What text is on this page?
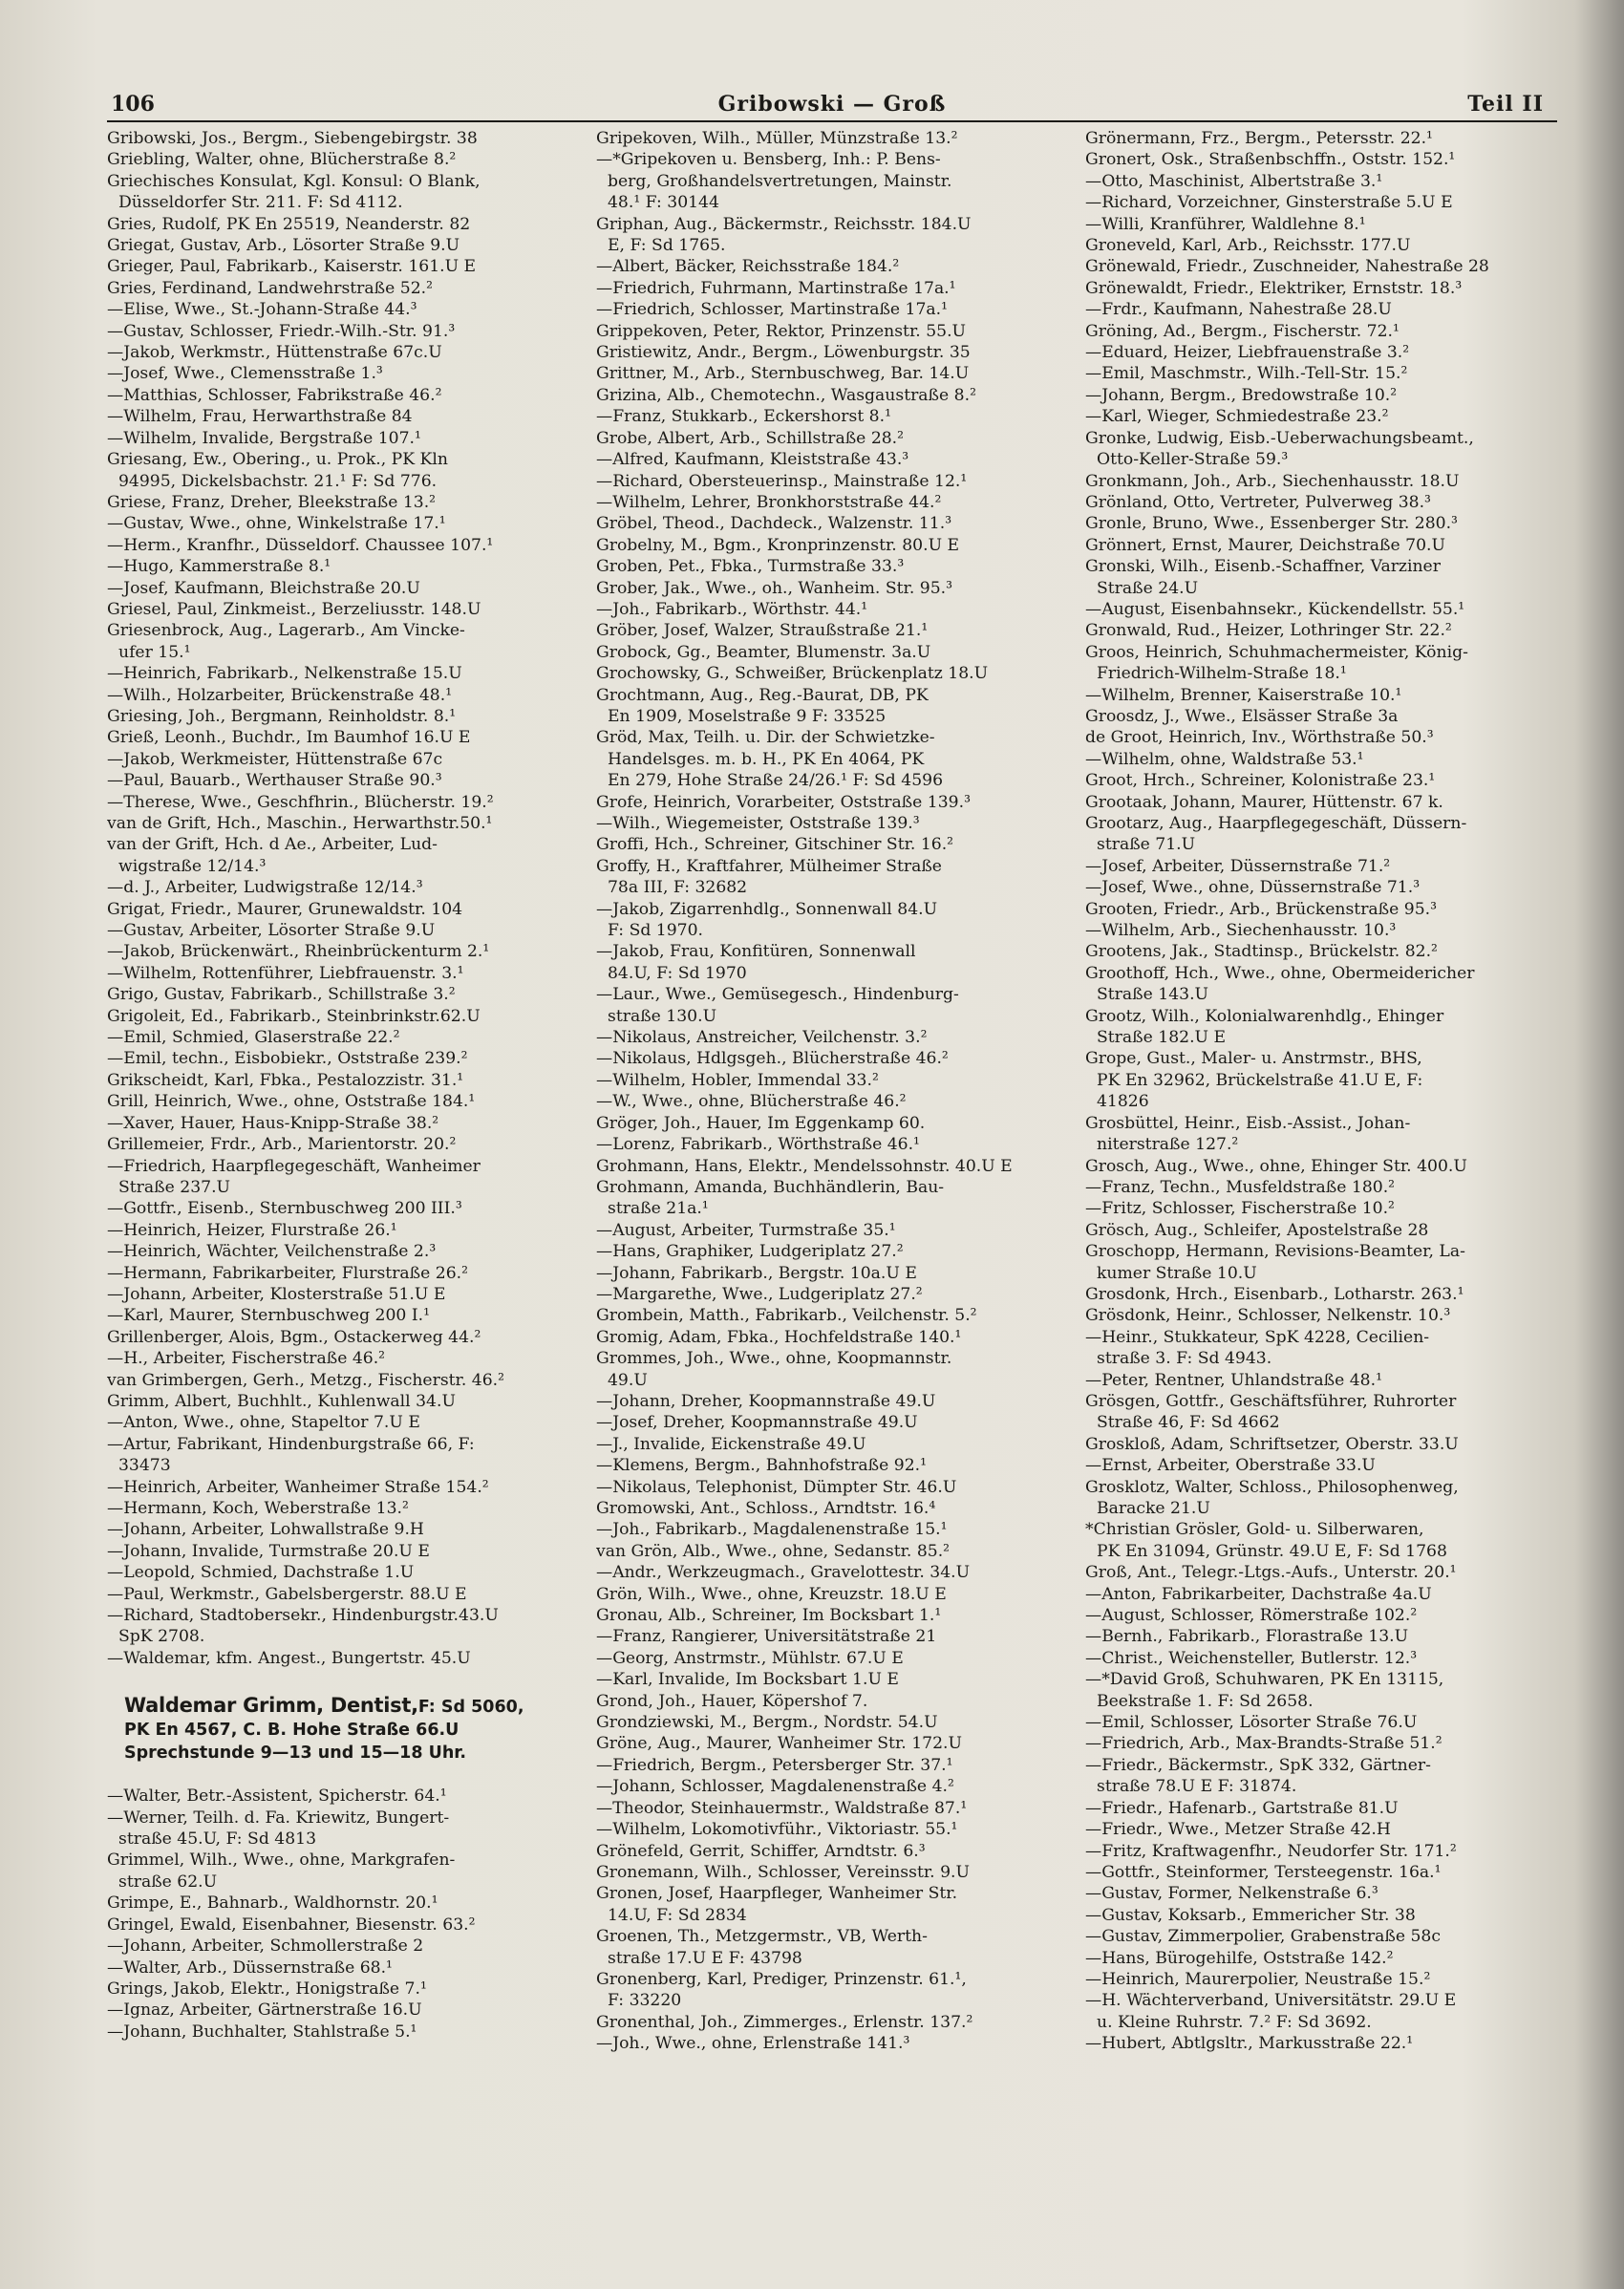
106	Gribowski — Groß	Teil II
Gribowski, Jos., Bergm., Siebengebirgstr. 38
Griebling, Walter, ohne, Blücherstraße 8.²
Griechisches Konsulat, Kgl. Konsul: O Blank,
Düsseldorfer Str. 211. F: Sd 4112.
Gries, Rudolf, PK En 25519, Neanderstr. 82
Griegat, Gustav, Arb., Lösorter Straße 9.U
Grieger, Paul, Fabrikarb., Kaiserstr. 161.U E
Gries, Ferdinand, Landwehrstraße 52.²
—Elise, Wwe., St.-Johann-Straße 44.³
—Gustav, Schlosser, Friedr.-Wilh.-Str. 91.³
—Jakob, Werkmstr., Hüttenstraße 67c.U
—Josef, Wwe., Clemensstraße 1.³
—Matthias, Schlosser, Fabrikstraße 46.²
—Wilhelm, Frau, Herwarthstraße 84
—Wilhelm, Invalide, Bergstraße 107.¹
Griesang, Ew., Obering., u. Prok., PK Kln
94995, Dickelsbachstr. 21.¹ F: Sd 776.
Griese, Franz, Dreher, Bleekstraße 13.²
—Gustav, Wwe., ohne, Winkelstraße 17.¹
—Herm., Kranfhr., Düsseldorf. Chaussee 107.¹
—Hugo, Kammerstraße 8.¹
—Josef, Kaufmann, Bleichstraße 20.U
Griesel, Paul, Zinkmeist., Berzeliusstr. 148.U
Griesenbrock, Aug., Lagerarb., Am Vincke-
ufer 15.¹
—Heinrich, Fabrikarb., Nelkenstraße 15.U
—Wilh., Holzarbeiter, Brückenstraße 48.¹
Griesing, Joh., Bergmann, Reinholdstr. 8.¹
Grieß, Leonh., Buchdr., Im Baumhof 16.U E
—Jakob, Werkmeister, Hüttenstraße 67c
—Paul, Bauarb., Werthauser Straße 90.³
—Therese, Wwe., Geschfhrin., Blücherstr. 19.²
van de Grift, Hch., Maschin., Herwarthstr.50.¹
van der Grift, Hch. d Ae., Arbeiter, Lud-
wigstraße 12/14.³
—d. J., Arbeiter, Ludwigstraße 12/14.³
Grigat, Friedr., Maurer, Grunewaldstr. 104
—Gustav, Arbeiter, Lösorter Straße 9.U
—Jakob, Brückenwärt., Rheinbrückenturm 2.¹
—Wilhelm, Rottenführer, Liebfrauenstr. 3.¹
Grigo, Gustav, Fabrikarb., Schillstraße 3.²
Grigoleit, Ed., Fabrikarb., Steinbrinkstr.62.U
—Emil, Schmied, Glaserstraße 22.²
—Emil, techn., Eisbobiekr., Oststraße 239.²
Grikscheidt, Karl, Fbka., Pestalozzistr. 31.¹
Grill, Heinrich, Wwe., ohne, Oststraße 184.¹
—Xaver, Hauer, Haus-Knipp-Straße 38.²
Grillemeier, Frdr., Arb., Marientorstr. 20.²
—Friedrich, Haarpflegegeschäft, Wanheimer
Straße 237.U
—Gottfr., Eisenb., Sternbuschweg 200 III.³
—Heinrich, Heizer, Flurstraße 26.¹
—Heinrich, Wächter, Veilchenstraße 2.³
—Hermann, Fabrikarbeiter, Flurstraße 26.²
—Johann, Arbeiter, Klosterstraße 51.U E
—Karl, Maurer, Sternbuschweg 200 I.¹
Grillenberger, Alois, Bgm., Ostackerweg 44.²
—H., Arbeiter, Fischerstraße 46.²
van Grimbergen, Gerh., Metzg., Fischerstr. 46.²
Grimm, Albert, Buchhlt., Kuhlenwall 34.U
—Anton, Wwe., ohne, Stapeltor 7.U E
—Artur, Fabrikant, Hindenburgstraße 66, F:
33473
—Heinrich, Arbeiter, Wanheimer Straße 154.²
—Hermann, Koch, Weberstraße 13.²
—Johann, Arbeiter, Lohwallstraße 9.H
—Johann, Invalide, Turmstraße 20.U E
—Leopold, Schmied, Dachstraße 1.U
—Paul, Werkmstr., Gabelsbergerstr. 88.U E
—Richard, Stadtobersekr., Hindenburgstr.43.U
SpK 2708.
—Waldemar, kfm. Angest., Bungertstr. 45.U
Waldemar Grimm, Dentist,F: Sd 5060,
PK En 4567, C. B. Hohe Straße 66.U
Sprechstunde 9—13 und 15—18 Uhr.
—Walter, Betr.-Assistent, Spicherstr. 64.¹
—Werner, Teilh. d. Fa. Kriewitz, Bungert-
straße 45.U, F: Sd 4813
Grimmel, Wilh., Wwe., ohne, Markgrafen-
straße 62.U
Grimpe, E., Bahnarb., Waldhornstr. 20.¹
Gringel, Ewald, Eisenbahner, Biesenstr. 63.²
—Johann, Arbeiter, Schmollerstraße 2
—Walter, Arb., Düssernstraße 68.¹
Grings, Jakob, Elektr., Honigstraße 7.¹
—Ignaz, Arbeiter, Gärtnerstraße 16.U
—Johann, Buchhalter, Stahlstraße 5.¹
Gripekoven, Wilh., Müller, Münzstraße 13.²
—*Gripekoven u. Bensberg, Inh.: P. Bens-
berg, Großhandelsvertretungen, Mainstr.
48.¹ F: 30144
Griphan, Aug., Bäckermstr., Reichsstr. 184.U
E, F: Sd 1765.
—Albert, Bäcker, Reichsstraße 184.²
—Friedrich, Fuhrmann, Martinstraße 17a.¹
—Friedrich, Schlosser, Martinstraße 17a.¹
Grippekoven, Peter, Rektor, Prinzenstr. 55.U
Gristiewitz, Andr., Bergm., Löwenburgstr. 35
Grittner, M., Arb., Sternbuschweg, Bar. 14.U
Grizina, Alb., Chemotechn., Wasgaustraße 8.²
—Franz, Stukkarb., Eckershorst 8.¹
Grobe, Albert, Arb., Schillstraße 28.²
—Alfred, Kaufmann, Kleiststraße 43.³
—Richard, Obersteuerinsp., Mainstraße 12.¹
—Wilhelm, Lehrer, Bronkhorststraße 44.²
Gröbel, Theod., Dachdeck., Walzenstr. 11.³
Grobelny, M., Bgm., Kronprinzenstr. 80.U E
Groben, Pet., Fbka., Turmstraße 33.³
Grober, Jak., Wwe., oh., Wanheim. Str. 95.³
—Joh., Fabrikarb., Wörthstr. 44.¹
Gröber, Josef, Walzer, Straußstraße 21.¹
Grobock, Gg., Beamter, Blumenstr. 3a.U
Grochowsky, G., Schweißer, Brückenplatz 18.U
Grochtmann, Aug., Reg.-Baurat, DB, PK
En 1909, Moselstraße 9 F: 33525
Gröd, Max, Teilh. u. Dir. der Schwietzke-
Handelsges. m. b. H., PK En 4064, PK
En 279, Hohe Straße 24/26.¹ F: Sd 4596
Grofe, Heinrich, Vorarbeiter, Oststraße 139.³
—Wilh., Wiegemeister, Oststraße 139.³
Groffi, Hch., Schreiner, Gitschiner Str. 16.²
Groffy, H., Kraftfahrer, Mülheimer Straße
78a III, F: 32682
—Jakob, Zigarrenhdlg., Sonnenwall 84.U
F: Sd 1970.
—Jakob, Frau, Konfitüren, Sonnenwall
84.U, F: Sd 1970
—Laur., Wwe., Gemüsegesch., Hindenburg-
straße 130.U
—Nikolaus, Anstreicher, Veilchenstr. 3.²
—Nikolaus, Hdlgsgeh., Blücherstraße 46.²
—Wilhelm, Hobler, Immendal 33.²
—W., Wwe., ohne, Blücherstraße 46.²
Gröger, Joh., Hauer, Im Eggenkamp 60.
—Lorenz, Fabrikarb., Wörthstraße 46.¹
Grohmann, Hans, Elektr., Mendelssohnstr. 40.U E
Grohmann, Amanda, Buchhändlerin, Bau-
straße 21a.¹
—August, Arbeiter, Turmstraße 35.¹
—Hans, Graphiker, Ludgeriplatz 27.²
—Johann, Fabrikarb., Bergstr. 10a.U E
—Margarethe, Wwe., Ludgeriplatz 27.²
Grombein, Matth., Fabrikarb., Veilchenstr. 5.²
Gromig, Adam, Fbka., Hochfeldstraße 140.¹
Grommes, Joh., Wwe., ohne, Koopmannstr.
49.U
—Johann, Dreher, Koopmannstraße 49.U
—Josef, Dreher, Koopmannstraße 49.U
—J., Invalide, Eickenstraße 49.U
—Klemens, Bergm., Bahnhofstraße 92.¹
—Nikolaus, Telephonist, Dümpter Str. 46.U
Gromowski, Ant., Schloss., Arndtstr. 16.⁴
—Joh., Fabrikarb., Magdalenenstraße 15.¹
van Grön, Alb., Wwe., ohne, Sedanstr. 85.²
—Andr., Werkzeugmach., Gravelottestr. 34.U
Grön, Wilh., Wwe., ohne, Kreuzstr. 18.U E
Gronau, Alb., Schreiner, Im Bocksbart 1.¹
—Franz, Rangierer, Universitätstraße 21
—Georg, Anstrmstr., Mühlstr. 67.U E
—Karl, Invalide, Im Bocksbart 1.U E
Grond, Joh., Hauer, Köpershof 7.
Grondziewski, M., Bergm., Nordstr. 54.U
Gröne, Aug., Maurer, Wanheimer Str. 172.U
—Friedrich, Bergm., Petersberger Str. 37.¹
—Johann, Schlosser, Magdalenenstraße 4.²
—Theodor, Steinhauermstr., Waldstraße 87.¹
—Wilhelm, Lokomotivführ., Viktoriastr. 55.¹
Grönefeld, Gerrit, Schiffer, Arndtstr. 6.³
Gronemann, Wilh., Schlosser, Vereinsstr. 9.U
Gronen, Josef, Haarpfleger, Wanheimer Str.
14.U, F: Sd 2834
Groenen, Th., Metzgermstr., VB, Werth-
straße 17.U E F: 43798
Gronenberg, Karl, Prediger, Prinzenstr. 61.¹,
F: 33220
Gronenthal, Joh., Zimmerges., Erlenstr. 137.²
—Joh., Wwe., ohne, Erlenstraße 141.³
Grönermann, Frz., Bergm., Petersstr. 22.¹
Gronert, Osk., Straßenbschffn., Oststr. 152.¹
—Otto, Maschinist, Albertstraße 3.¹
—Richard, Vorzeichner, Ginsterstraße 5.U E
—Willi, Kranführer, Waldlehne 8.¹
Groneveld, Karl, Arb., Reichsstr. 177.U
Grönewald, Friedr., Zuschneider, Nahestraße 28
Grönewaldt, Friedr., Elektriker, Ernststr. 18.³
—Frdr., Kaufmann, Nahestraße 28.U
Gröning, Ad., Bergm., Fischerstr. 72.¹
—Eduard, Heizer, Liebfrauenstraße 3.²
—Emil, Maschmstr., Wilh.-Tell-Str. 15.²
—Johann, Bergm., Bredowstraße 10.²
—Karl, Wieger, Schmiedestraße 23.²
Gronke, Ludwig, Eisb.-Ueberwachungsbeamt.,
Otto-Keller-Straße 59.³
Gronkmann, Joh., Arb., Siechenhausstr. 18.U
Grönland, Otto, Vertreter, Pulverweg 38.³
Gronle, Bruno, Wwe., Essenberger Str. 280.³
Grönnert, Ernst, Maurer, Deichstraße 70.U
Gronski, Wilh., Eisenb.-Schaffner, Varziner
Straße 24.U
—August, Eisenbahnsekr., Kückendellstr. 55.¹
Gronwald, Rud., Heizer, Lothringer Str. 22.²
Groos, Heinrich, Schuhmachermeister, König-
Friedrich-Wilhelm-Straße 18.¹
—Wilhelm, Brenner, Kaiserstraße 10.¹
Groosdz, J., Wwe., Elsässer Straße 3a
de Groot, Heinrich, Inv., Wörthstraße 50.³
—Wilhelm, ohne, Waldstraße 53.¹
Groot, Hrch., Schreiner, Kolonistraße 23.¹
Grootaak, Johann, Maurer, Hüttenstr. 67 k.
Grootarz, Aug., Haarpflegegeschäft, Düssern-
straße 71.U
—Josef, Arbeiter, Düssernstraße 71.²
—Josef, Wwe., ohne, Düssernstraße 71.³
Grooten, Friedr., Arb., Brückenstraße 95.³
—Wilhelm, Arb., Siechenhausstr. 10.³
Grootens, Jak., Stadtinsp., Brückelstr. 82.²
Groothoff, Hch., Wwe., ohne, Obermeidericher
Straße 143.U
Grootz, Wilh., Kolonialwarenhdlg., Ehinger
Straße 182.U E
Grope, Gust., Maler- u. Anstrmstr., BHS,
PK En 32962, Brückelstraße 41.U E, F:
41826
Grosbüttel, Heinr., Eisb.-Assist., Johan-
niterstraße 127.²
Grosch, Aug., Wwe., ohne, Ehinger Str. 400.U
—Franz, Techn., Musfeldstraße 180.²
—Fritz, Schlosser, Fischerstraße 10.²
Grösch, Aug., Schleifer, Apostelstraße 28
Groschopp, Hermann, Revisions-Beamter, La-
kumer Straße 10.U
Grosdonk, Hrch., Eisenbarb., Lotharstr. 263.¹
Grösdonk, Heinr., Schlosser, Nelkenstr. 10.³
—Heinr., Stukkateur, SpK 4228, Cecilien-
straße 3. F: Sd 4943.
—Peter, Rentner, Uhlandstraße 48.¹
Grösgen, Gottfr., Geschäftsführer, Ruhrorter
Straße 46, F: Sd 4662
Groskloß, Adam, Schriftsetzer, Oberstr. 33.U
—Ernst, Arbeiter, Oberstraße 33.U
Grosklotz, Walter, Schloss., Philosophenweg,
Baracke 21.U
*Christian Grösler, Gold- u. Silberwaren,
PK En 31094, Grünstr. 49.U E, F: Sd 1768
Groß, Ant., Telegr.-Ltgs.-Aufs., Unterstr. 20.¹
—Anton, Fabrikarbeiter, Dachstraße 4a.U
—August, Schlosser, Römerstraße 102.²
—Bernh., Fabrikarb., Florastraße 13.U
—Christ., Weichensteller, Butlerstr. 12.³
—*David Groß, Schuhwaren, PK En 13115,
Beekstraße 1. F: Sd 2658.
—Emil, Schlosser, Lösorter Straße 76.U
—Friedrich, Arb., Max-Brandts-Straße 51.²
—Friedr., Bäckermstr., SpK 332, Gärtner-
straße 78.U E F: 31874.
—Friedr., Hafenarb., Gartstraße 81.U
—Friedr., Wwe., Metzer Straße 42.H
—Fritz, Kraftwagenfhr., Neudorfer Str. 171.²
—Gottfr., Steinformer, Tersteegenstr. 16a.¹
—Gustav, Former, Nelkenstraße 6.³
—Gustav, Koksarb., Emmericher Str. 38
—Gustav, Zimmerpolier, Grabenstraße 58c
—Hans, Bürogehilfe, Oststraße 142.²
—Heinrich, Maurerpolier, Neustraße 15.²
—H. Wächterverband, Universitätstr. 29.U E
u. Kleine Ruhrstr. 7.² F: Sd 3692.
—Hubert, Abtlgsltr., Markusstraße 22.¹
